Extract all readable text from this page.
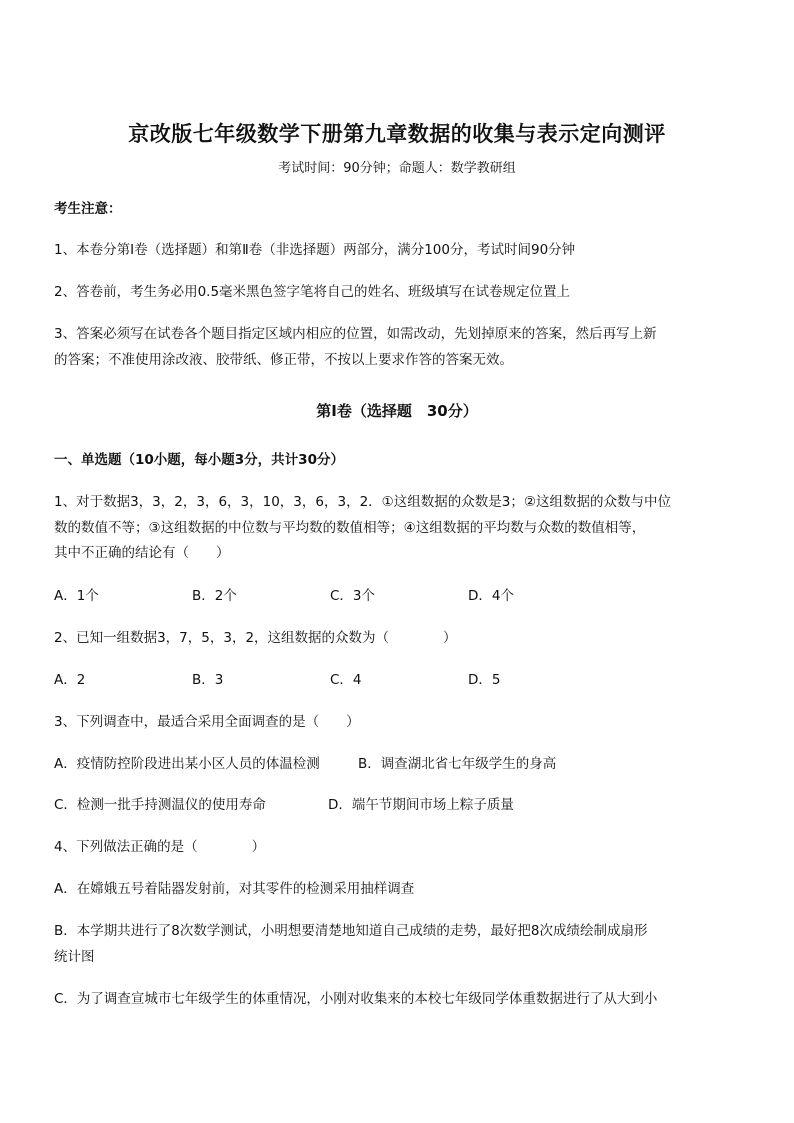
京改版七年级数学下册第九章数据的收集与表示定向测评
考试时间：90分钟；命题人：数学教研组
考生注意：
1、本卷分第Ⅰ卷（选择题）和第Ⅱ卷（非选择题）两部分，满分100分，考试时间90分钟
2、答卷前，考生务必用0.5毫米黑色签字笔将自己的姓名、班级填写在试卷规定位置上
3、答案必须写在试卷各个题目指定区域内相应的位置，如需改动，先划掉原来的答案，然后再写上新
的答案；不准使用涂改液、胶带纸、修正带，不按以上要求作答的答案无效。
第Ⅰ卷（选择题　30分）
一、单选题（10小题，每小题3分，共计30分）
1、对于数据3，3，2，3，6，3，10，3，6，3，2．①这组数据的众数是3；②这组数据的众数与中位
数的数值不等；③这组数据的中位数与平均数的数值相等；④这组数据的平均数与众数的数值相等，
其中不正确的结论有（　　）
A．1个	B．2个	C．3个	D．4个
2、已知一组数据3，7，5，3，2，这组数据的众数为（　　　　）
A．2	B．3	C．4	D．5
3、下列调查中，最适合采用全面调查的是（　　）
A．疫情防控阶段进出某小区人员的体温检测	B．调查湖北省七年级学生的身高
C．检测一批手持测温仪的使用寿命	D．端午节期间市场上粽子质量
4、下列做法正确的是（　　　　）
A．在嫦娥五号着陆器发射前，对其零件的检测采用抽样调查
B．本学期共进行了8次数学测试，小明想要清楚地知道自己成绩的走势，最好把8次成绩绘制成扇形
统计图
C．为了调查宣城市七年级学生的体重情况，小刚对收集来的本校七年级同学体重数据进行了从大到小
